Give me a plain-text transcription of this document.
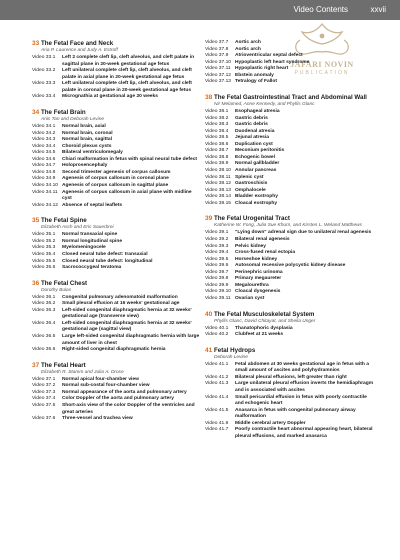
Video Contents	xxvii
JAFARI NOVIN
PUBLICATION
33 The Fetal Face and Neck
Aria P. Laurence and Judy A. Estroff
Video 33.1 Left 2 complete cleft lip, cleft alveolus, and cleft palate in sagittal plane in 20-week gestational age fetus
Video 33.2 Left unilateral complete cleft lip, cleft alveolus, and cleft palate in axial plane in 20-week gestational age fetus
Video 33.3 Left unilateral complete cleft lip, cleft alveolus, and cleft palate in coronal plane in 20-week gestational age fetus
Video 33.4 Micrognathia at gestational age 20 weeks
34 The Fetal Brain
Anis Tan and Deborah Levine
Video 34.1 Normal brain, axial
Video 34.2 Normal brain, coronal
Video 34.3 Normal brain, sagittal
Video 34.4 Choroid plexus cysts
Video 34.5 Bilateral ventriculomegaly
Video 34.6 Chiari malformation in fetus with spinal neural tube defect
Video 34.7 Holoprosencephaly
Video 34.8 Second trimester agenesis of corpus callosum
Video 34.9 Agenesis of corpus callosum in coronal plane
Video 34.10 Agenesis of corpus callosum in sagittal plane
Video 34.11 Agenesis of corpus callosum in axial plane with midline cyst
Video 34.12 Absence of septal leaflets
35 The Fetal Spine
Elizabeth Asch and Eric Sauerbrei
Video 35.1 Normal transaxial spine
Video 35.2 Normal longitudinal spine
Video 35.3 Myelomeningocele
Video 35.4 Closed neural tube defect: transaxial
Video 35.5 Closed neural tube defect: longitudinal
Video 35.6 Sacrococcygeal teratoma
36 The Fetal Chest
Dorothy Bulas
Video 36.1 Congenital pulmonary adenomatoid malformation
Video 36.2 Small pleural effusion at 16 weeks' gestational age
Video 36.3 Left-sided congenital diaphragmatic hernia at 32 weeks' gestational age (transverse view)
Video 36.4 Left-sided congenital diaphragmatic hernia at 32 weeks' gestational age (sagittal view)
Video 36.5 Large left-sided congenital diaphragmatic hernia with large amount of liver in chest
Video 36.6 Right-sided congenital diaphragmatic hernia
37 The Fetal Heart
Elizabeth R. Stamm and Julia A. Drose
Video 37.1 Normal apical four-chamber view
Video 37.2 Normal sub-costal four-chamber view
Video 37.3 Normal appearance of the aorta and pulmonary artery
Video 37.4 Color Doppler of the aorta and pulmonary artery
Video 37.5 Short-axis view of the color Doppler of the ventricles and great arteries
Video 37.6 Three-vessel and trachea view
Video 37.7 Aortic arch
Video 37.8 Aortic arch
Video 37.9 Atrioventricular septal defect
Video 37.10 Hypoplastic left heart syndrome
Video 37.11 Hypoplastic right heart
Video 37.12 Ebstein anomaly
Video 37.13 Tetralogy of Fallot
38 The Fetal Gastrointestinal Tract and Abdominal Wall
Nir Melamed, Anne Kennedy, and Phyllis Glanc
Video 38.1 Esophageal atresia
Video 38.2 Gastric debris
Video 38.3 Gastric debris
Video 38.4 Duodenal atresia
Video 38.5 Jejunal atresia
Video 38.6 Duplication cyst
Video 38.7 Meconium peritonitis
Video 38.8 Echogenic bowel
Video 38.9 Normal gallbladder
Video 38.10 Annular pancreas
Video 38.11 Splenic cyst
Video 38.12 Gastroschisis
Video 38.13 Omphalocele
Video 38.14 Bladder exstrophy
Video 38.15 Cloacal exstrophy
39 The Fetal Urogenital Tract
Katherine W. Fong, Julia Sue Khurn, and Kirsten L. Weland Matthews
Video 39.1 "Lying down" adrenal sign due to unilateral renal agenesis
Video 39.2 Bilateral renal agenesis
Video 39.3 Pelvic kidney
Video 39.4 Cross-fused renal ectopia
Video 39.5 Horseshoe kidney
Video 39.6 Autosomal recessive polycystic kidney disease
Video 39.7 Perinephric urinoma
Video 39.8 Primary megaureter
Video 39.9 Megalourethra
Video 39.10 Cloacal dysgenesis
Video 39.11 Ovarian cyst
40 The Fetal Musculoskeletal System
Phyllis Glanc, David Chitayat, and Sheila Unger
Video 40.1 Thanatophoric dysplasia
Video 40.2 Clubfeet at 21 weeks
41 Fetal Hydrops
Deborah Levine
Video 41.1 Fetal abdomen at 30 weeks gestational age in fetus with a small amount of ascites and polyhydramnios
Video 41.2 Bilateral pleural effusions, left greater than right
Video 41.3 Large unilateral pleural effusion inverts the hemidiaphragm and is associated with ascites
Video 41.4 Small pericardial effusion in fetus with poorly contractile and echogenic heart
Video 41.5 Anasarca in fetus with congenital pulmonary airway malformation
Video 41.6 Middle cerebral artery Doppler
Video 41.7 Poorly contractile heart abnormal appearing heart, bilateral pleural effusions, and marked anasarca
